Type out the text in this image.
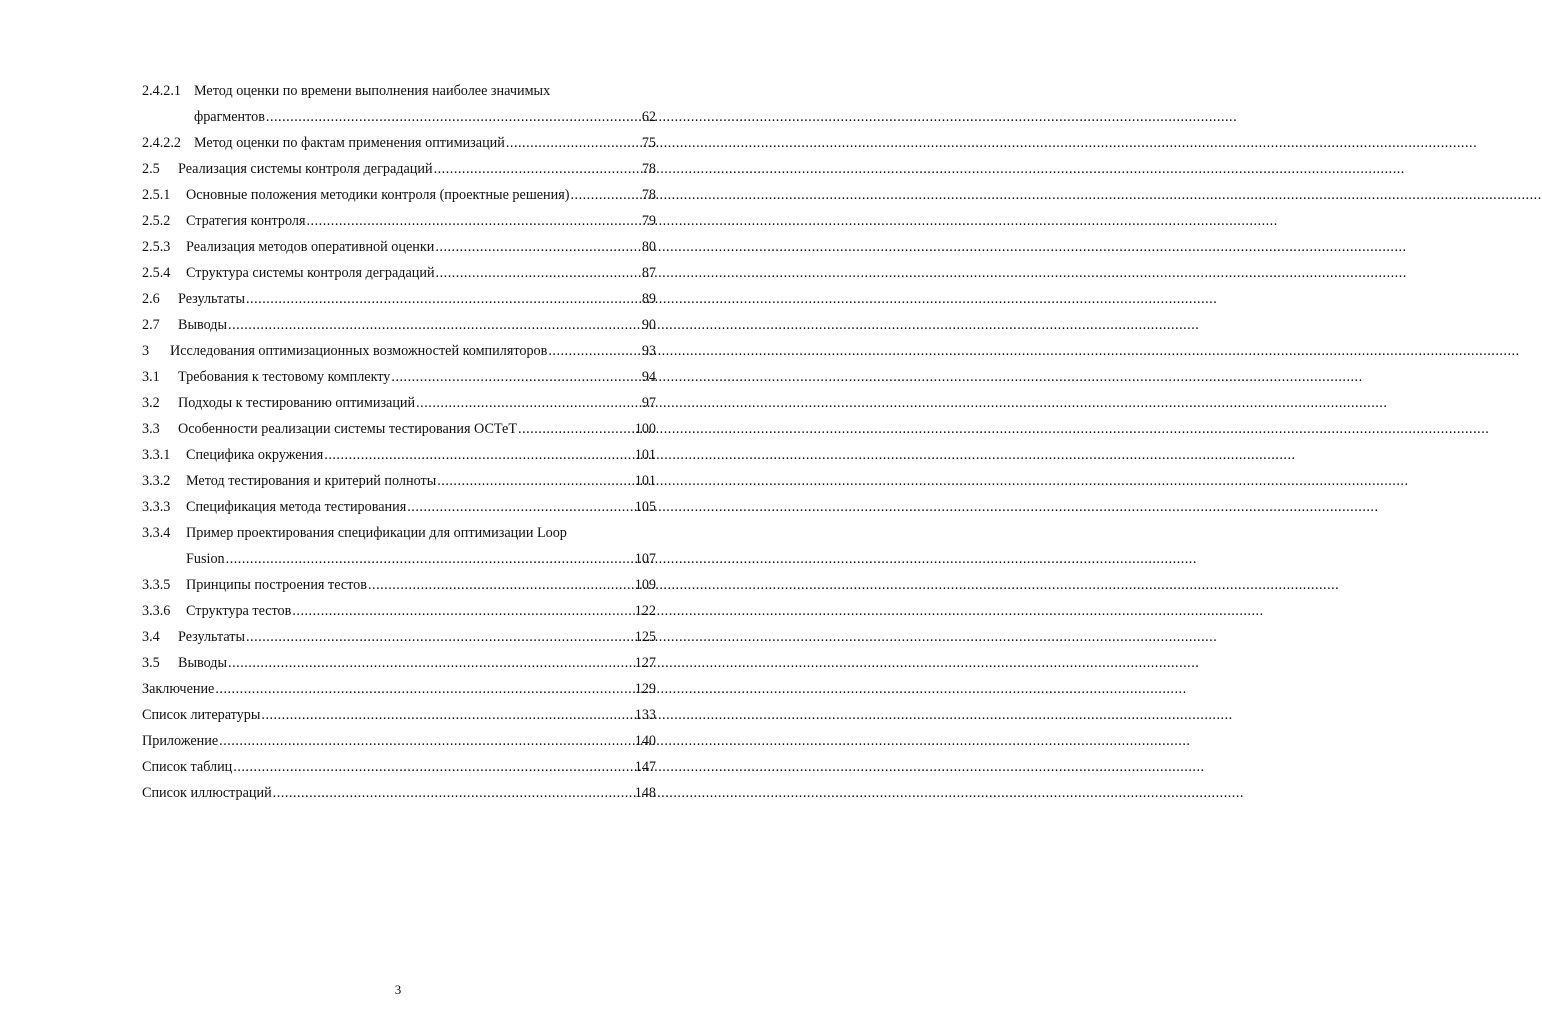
2.4.2.1 Метод оценки по времени выполнения наиболее значимых
фрагментов .....	62
2.4.2.2 Метод оценки по фактам применения оптимизаций .....	75
2.5	Реализация системы контроля деградаций .....	78
2.5.1	Основные положения методики контроля (проектные решения) .....	78
2.5.2	Стратегия контроля .....	79
2.5.3	Реализация методов оперативной оценки .....	80
2.5.4	Структура системы контроля деградаций .....	87
2.6	Результаты .....	89
2.7	Выводы .....	90
3	Исследования оптимизационных возможностей компиляторов .....	93
3.1	Требования к тестовому комплекту .....	94
3.2	Подходы к тестированию оптимизаций .....	97
3.3	Особенности реализации системы тестирования ОСТеТ .....	100
3.3.1	Специфика окружения .....	101
3.3.2	Метод тестирования и критерий полноты .....	101
3.3.3	Спецификация метода тестирования .....	105
3.3.4	Пример проектирования спецификации для оптимизации Loop
Fusion .....	107
3.3.5	Принципы построения тестов .....	109
3.3.6	Структура тестов .....	122
3.4	Результаты .....	125
3.5	Выводы .....	127
Заключение .....	129
Список литературы .....	133
Приложение .....	140
Список таблиц .....	147
Список иллюстраций .....	148
3
